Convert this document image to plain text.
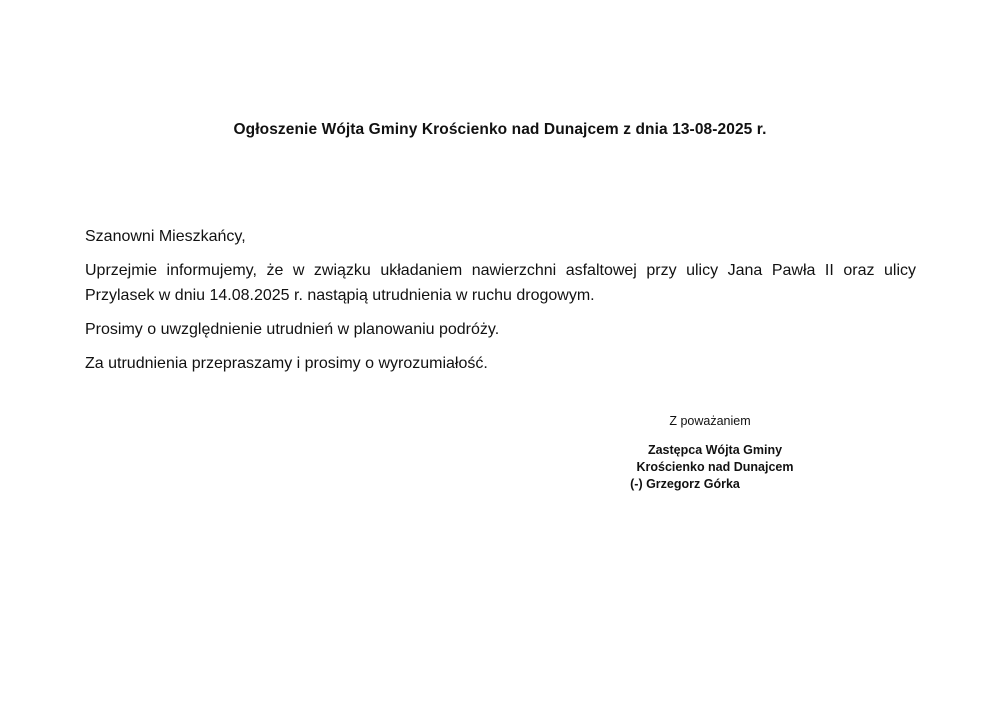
Ogłoszenie Wójta Gminy Krościenko nad Dunajcem z dnia 13-08-2025 r.
Szanowni Mieszkańcy,
Uprzejmie informujemy, że w związku układaniem nawierzchni asfaltowej przy ulicy Jana Pawła II oraz ulicy Przylasek w dniu 14.08.2025 r. nastąpią utrudnienia w ruchu drogowym.
Prosimy o uwzględnienie utrudnień w planowaniu podróży.
Za utrudnienia przepraszamy i prosimy o wyrozumiałość.
Z poważaniem
Zastępca Wójta Gminy
Krościenko nad Dunajcem
(-) Grzegorz Górka
